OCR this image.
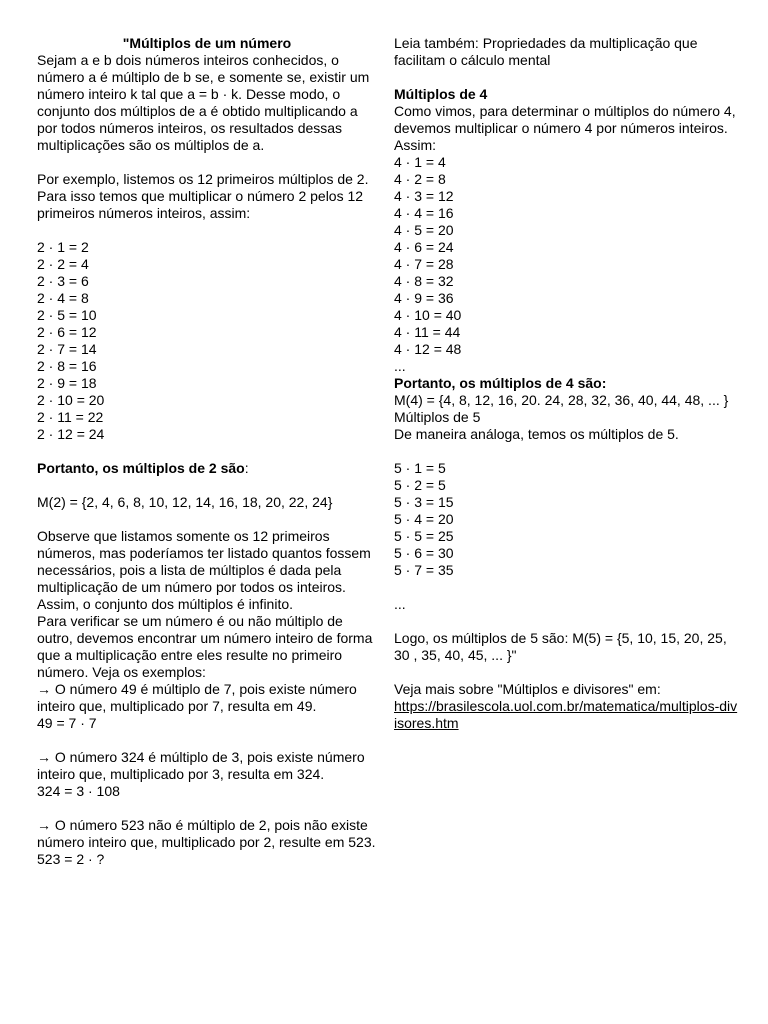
"Múltiplos de um número

Sejam a e b dois números inteiros conhecidos, o número a é múltiplo de b se, e somente se, existir um número inteiro k tal que a = b · k. Desse modo, o conjunto dos múltiplos de a é obtido multiplicando a por todos números inteiros, os resultados dessas multiplicações são os múltiplos de a.

Por exemplo, listemos os 12 primeiros múltiplos de 2. Para isso temos que multiplicar o número 2 pelos 12 primeiros números inteiros, assim:

2 · 1 = 2

2 · 2 = 4

2 · 3 = 6

2 · 4 = 8

2 · 5 = 10

2 · 6 = 12

2 · 7 = 14

2 · 8 = 16

2 · 9 = 18

2 · 10 = 20

2 · 11 = 22

2 · 12 = 24

Portanto, os múltiplos de 2 são:

M(2) = {2, 4, 6, 8, 10, 12, 14, 16, 18, 20, 22, 24}

Observe que listamos somente os 12 primeiros números, mas poderíamos ter listado quantos fossem necessários, pois a lista de múltiplos é dada pela multiplicação de um número por todos os inteiros. Assim, o conjunto dos múltiplos é infinito.

Para verificar se um número é ou não múltiplo de outro, devemos encontrar um número inteiro de forma que a multiplicação entre eles resulte no primeiro número. Veja os exemplos:

→ O número 49 é múltiplo de 7, pois existe número inteiro que, multiplicado por 7, resulta em 49.

49 = 7 · 7

→ O número 324 é múltiplo de 3, pois existe número inteiro que, multiplicado por 3, resulta em 324.

324 = 3 · 108

→ O número 523 não é múltiplo de 2, pois não existe número inteiro que, multiplicado por 2, resulte em 523.

523 = 2 · ?

Leia também: Propriedades da multiplicação que

facilitam o cálculo mental

Múltiplos de 4

Como vimos, para determinar o múltiplos do número 4, devemos multiplicar o número 4 por números inteiros. Assim:

4 · 1 = 4

4 · 2 = 8

4 · 3 = 12

4 · 4 = 16

4 · 5 = 20

4 · 6 = 24

4 · 7 = 28

4 · 8 = 32

4 · 9 = 36

4 · 10 = 40

4 · 11 = 44

4 · 12 = 48

...

Portanto, os múltiplos de 4 são:

M(4) = {4, 8, 12, 16, 20. 24, 28, 32, 36, 40, 44, 48, ... }

Múltiplos de 5

De maneira análoga, temos os múltiplos de 5.

5 · 1 = 5

5 · 2 = 5

5 · 3 = 15

5 · 4 = 20

5 · 5 = 25

5 · 6 = 30

5 · 7 = 35

...

Logo, os múltiplos de 5 são: M(5) = {5, 10, 15, 20, 25, 30 , 35, 40, 45, ... }"

Veja mais sobre "Múltiplos e divisores" em:

https://brasilescola.uol.com.br/matematica/multiplos-divisores.htm
